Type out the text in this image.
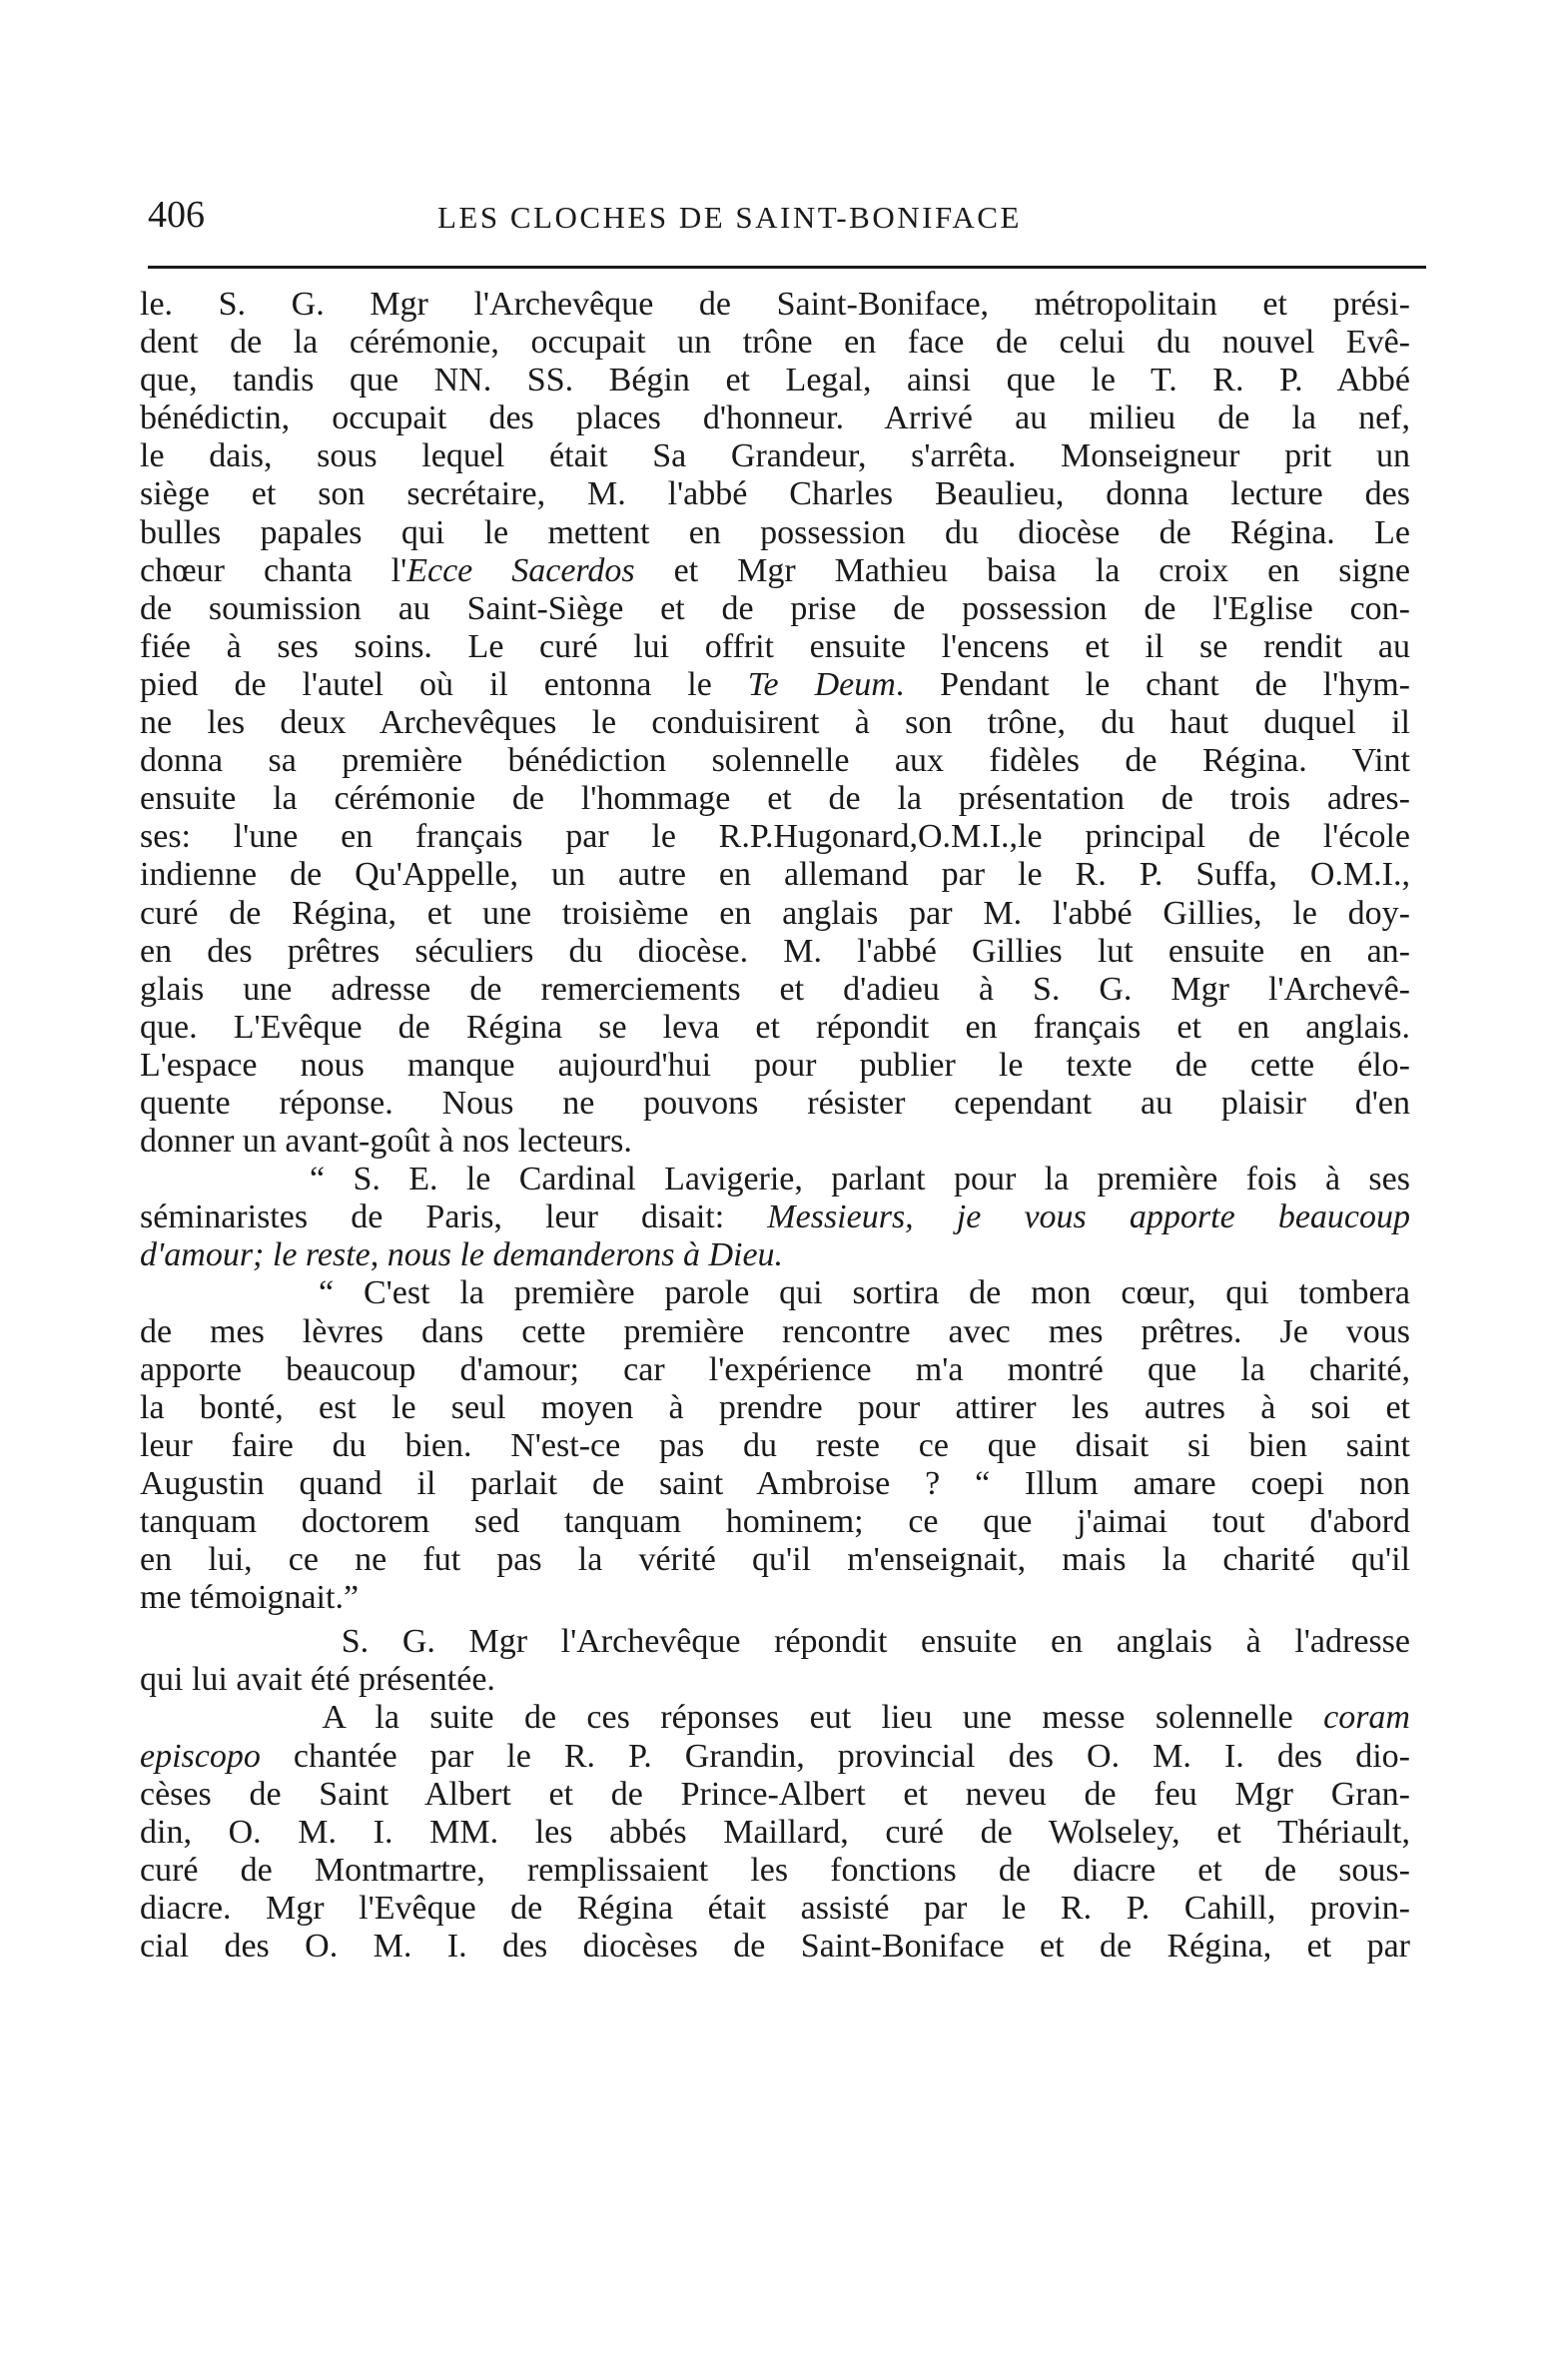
406	LES CLOCHES DE SAINT-BONIFACE
le. S. G. Mgr l'Archevêque de Saint-Boniface, métropolitain et prési-
dent de la cérémonie, occupait un trône en face de celui du nouvel Evê-
que, tandis que NN. SS. Bégin et Legal, ainsi que le T. R. P. Abbé
bénédictin, occupait des places d'honneur. Arrivé au milieu de la nef,
le dais, sous lequel était Sa Grandeur, s'arrêta. Monseigneur prit un
siège et son secrétaire, M. l'abbé Charles Beaulieu, donna lecture des
bulles papales qui le mettent en possession du diocèse de Régina. Le
chœur chanta l'Ecce Sacerdos et Mgr Mathieu baisa la croix en signe
de soumission au Saint-Siège et de prise de possession de l'Eglise con-
fiée à ses soins. Le curé lui offrit ensuite l'encens et il se rendit au
pied de l'autel où il entonna le Te Deum. Pendant le chant de l'hym-
ne les deux Archevêques le conduisirent à son trône, du haut duquel il
donna sa première bénédiction solennelle aux fidèles de Régina. Vint
ensuite la cérémonie de l'hommage et de la présentation de trois adres-
ses: l'une en français par le R.P.Hugonard,O.M.I.,le principal de l'école
indienne de Qu'Appelle, un autre en allemand par le R. P. Suffa, O.M.I.,
curé de Régina, et une troisième en anglais par M. l'abbé Gillies, le doy-
en des prêtres séculiers du diocèse. M. l'abbé Gillies lut ensuite en an-
glais une adresse de remerciements et d'adieu à S. G. Mgr l'Archevê-
que. L'Evêque de Régina se leva et répondit en français et en anglais.
L'espace nous manque aujourd'hui pour publier le texte de cette élo-
quente réponse. Nous ne pouvons résister cependant au plaisir d'en
donner un avant-goût à nos lecteurs.
“ S. E. le Cardinal Lavigerie, parlant pour la première fois à ses
séminaristes de Paris, leur disait: Messieurs, je vous apporte beaucoup
d'amour; le reste, nous le demanderons à Dieu.
“ C'est la première parole qui sortira de mon cœur, qui tombera
de mes lèvres dans cette première rencontre avec mes prêtres. Je vous
apporte beaucoup d'amour; car l'expérience m'a montré que la charité,
la bonté, est le seul moyen à prendre pour attirer les autres à soi et
leur faire du bien. N'est-ce pas du reste ce que disait si bien saint
Augustin quand il parlait de saint Ambroise ? “ Illum amare coepi non
tanquam doctorem sed tanquam hominem; ce que j'aimai tout d'abord
en lui, ce ne fut pas la vérité qu'il m'enseignait, mais la charité qu'il
me témoignait.”
S. G. Mgr l'Archevêque répondit ensuite en anglais à l'adresse
qui lui avait été présentée.
A la suite de ces réponses eut lieu une messe solennelle coram
episcopo chantée par le R. P. Grandin, provincial des O. M. I. des dio-
cèses de Saint Albert et de Prince-Albert et neveu de feu Mgr Gran-
din, O. M. I. MM. les abbés Maillard, curé de Wolseley, et Thériault,
curé de Montmartre, remplissaient les fonctions de diacre et de sous-
diacre. Mgr l'Evêque de Régina était assisté par le R. P. Cahill, provin-
cial des O. M. I. des diocèses de Saint-Boniface et de Régina, et par
